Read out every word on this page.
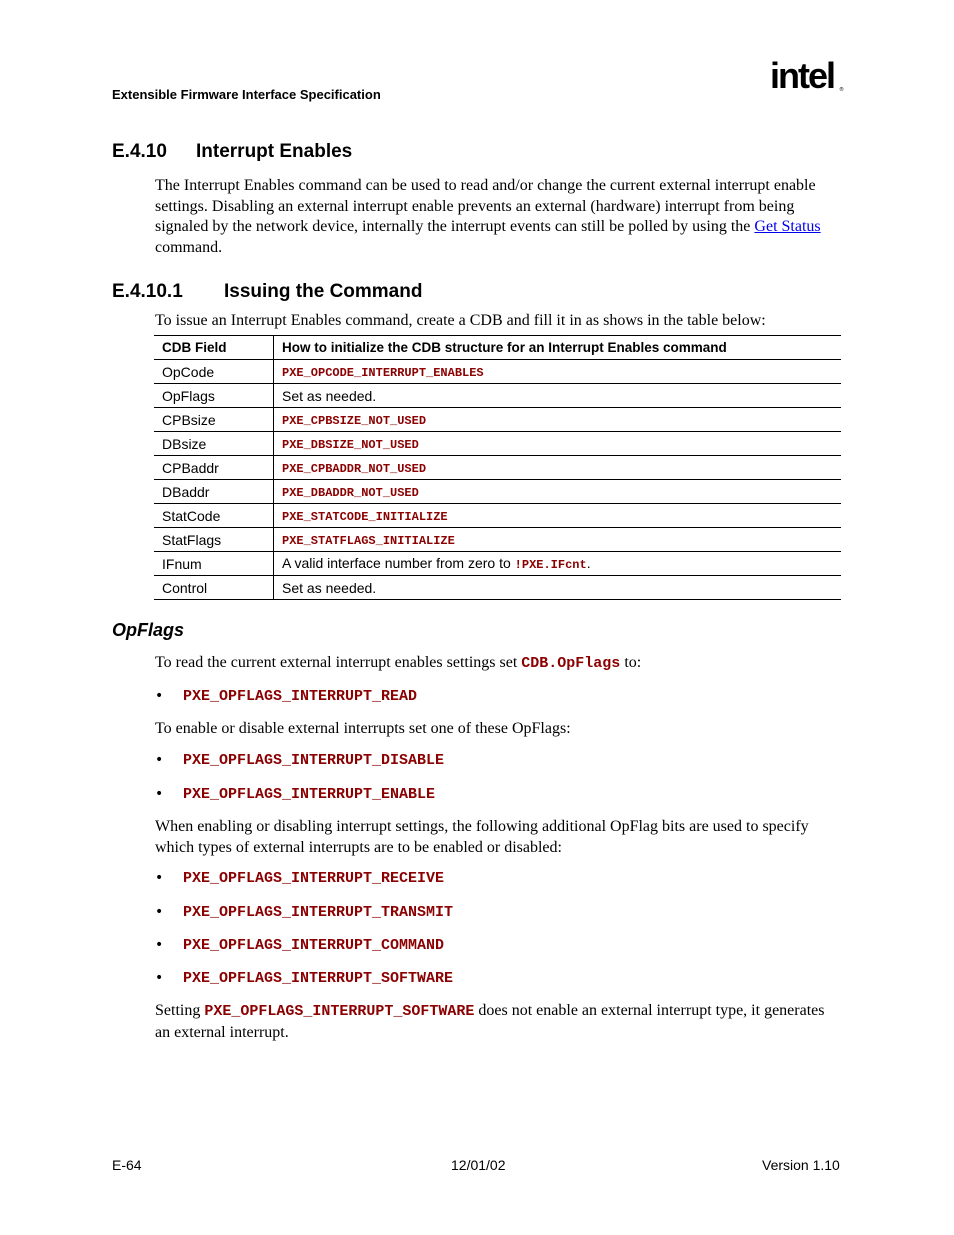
Extensible Firmware Interface Specification	intel ®
E.4.10 Interrupt Enables
The Interrupt Enables command can be used to read and/or change the current external interrupt enable settings. Disabling an external interrupt enable prevents an external (hardware) interrupt from being signaled by the network device, internally the interrupt events can still be polled by using the Get Status command.
E.4.10.1 Issuing the Command
To issue an Interrupt Enables command, create a CDB and fill it in as shows in the table below:
CDB Field	How to initialize the CDB structure for an Interrupt Enables command
OpCode	PXE_OPCODE_INTERRUPT_ENABLES
OpFlags	Set as needed.
CPBsize	PXE_CPBSIZE_NOT_USED
DBsize	PXE_DBSIZE_NOT_USED
CPBaddr	PXE_CPBADDR_NOT_USED
DBaddr	PXE_DBADDR_NOT_USED
StatCode	PXE_STATCODE_INITIALIZE
StatFlags	PXE_STATFLAGS_INITIALIZE
IFnum	A valid interface number from zero to !PXE.IFcnt.
Control	Set as needed.
OpFlags
To read the current external interrupt enables settings set CDB.OpFlags to:
• PXE_OPFLAGS_INTERRUPT_READ
To enable or disable external interrupts set one of these OpFlags:
• PXE_OPFLAGS_INTERRUPT_DISABLE
• PXE_OPFLAGS_INTERRUPT_ENABLE
When enabling or disabling interrupt settings, the following additional OpFlag bits are used to specify which types of external interrupts are to be enabled or disabled:
• PXE_OPFLAGS_INTERRUPT_RECEIVE
• PXE_OPFLAGS_INTERRUPT_TRANSMIT
• PXE_OPFLAGS_INTERRUPT_COMMAND
• PXE_OPFLAGS_INTERRUPT_SOFTWARE
Setting PXE_OPFLAGS_INTERRUPT_SOFTWARE does not enable an external interrupt type, it generates an external interrupt.
E-64	12/01/02	Version 1.10
